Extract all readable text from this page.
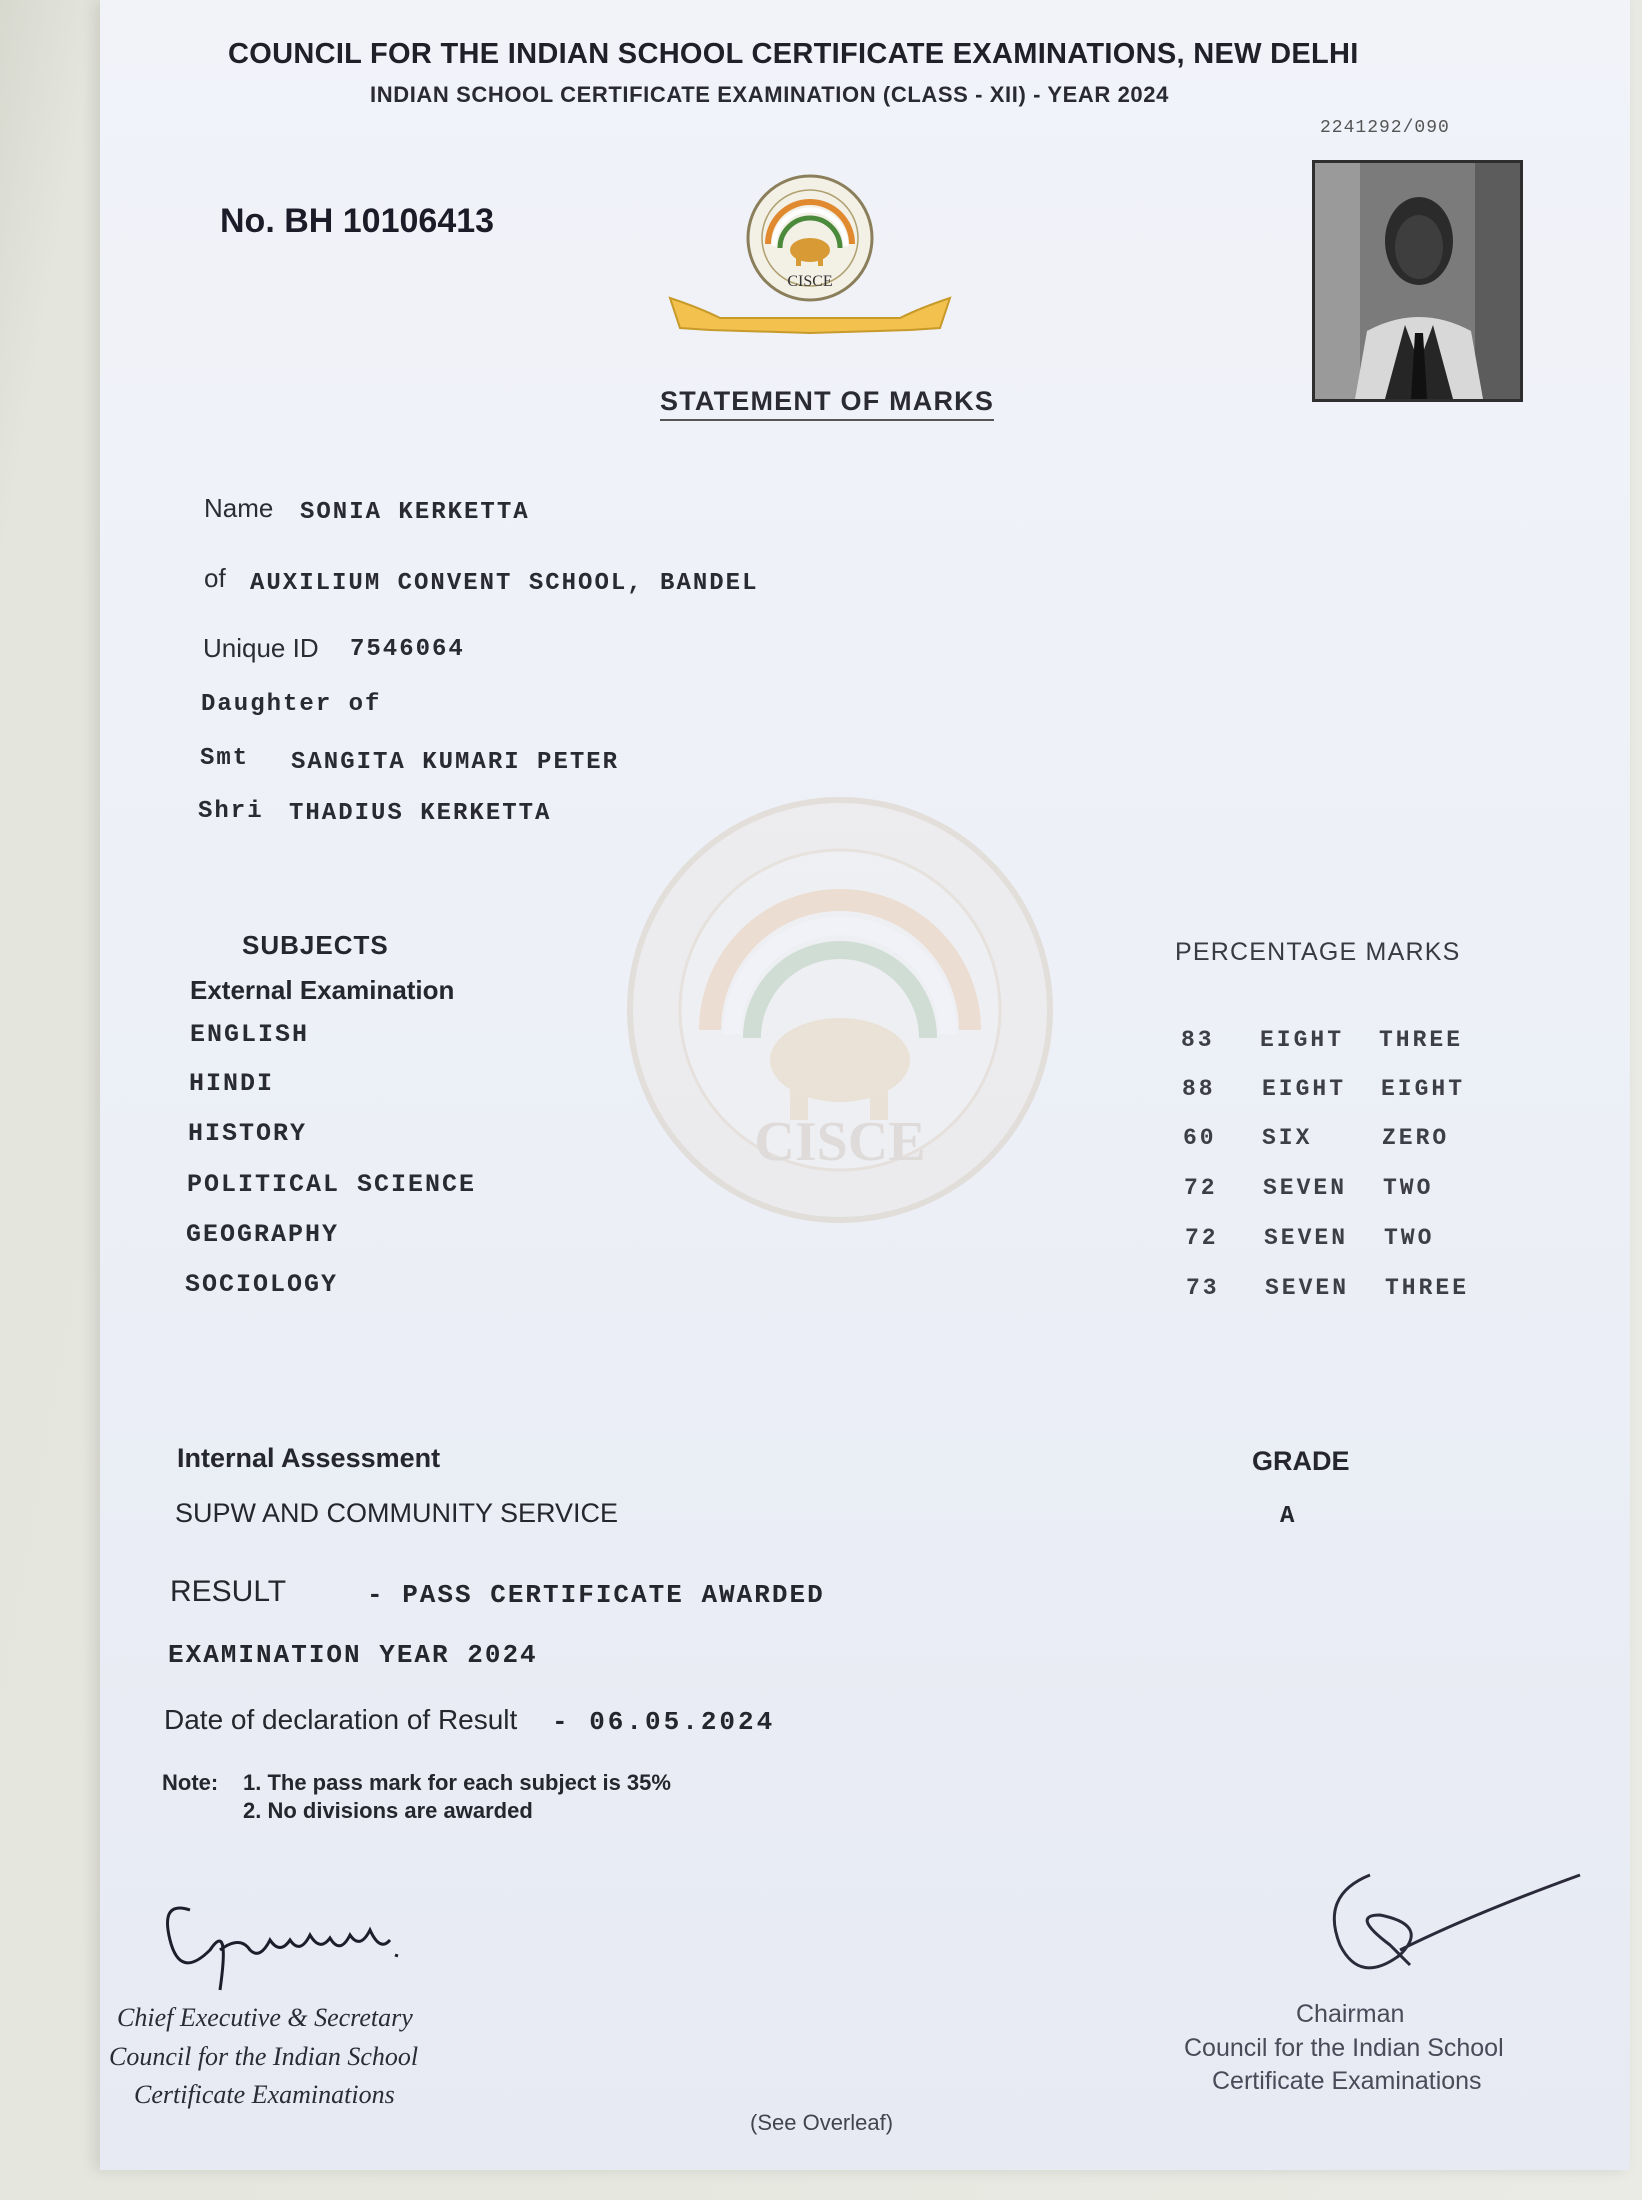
COUNCIL FOR THE INDIAN SCHOOL CERTIFICATE EXAMINATIONS, NEW DELHI
INDIAN SCHOOL CERTIFICATE EXAMINATION (CLASS - XII) - YEAR 2024
2241292/090
No. BH 10106413
CISCE
STATEMENT OF MARKS
CISCE
Name SONIA KERKETTA
of AUXILIUM CONVENT SCHOOL, BANDEL
Unique ID 7546064
Daughter of
Smt SANGITA KUMARI PETER
Shri THADIUS KERKETTA
SUBJECTS
External Examination
PERCENTAGE MARKS
ENGLISH	83 EIGHT THREE
HINDI	88 EIGHT EIGHT
HISTORY	60 SIX	ZERO
POLITICAL SCIENCE	72 SEVEN TWO
GEOGRAPHY	72 SEVEN TWO
SOCIOLOGY	73 SEVEN THREE
Internal Assessment	GRADE
SUPW AND COMMUNITY SERVICE	A
RESULT	- PASS CERTIFICATE AWARDED
EXAMINATION YEAR 2024
Date of declaration of Result - 06.05.2024
Note: 1. The pass mark for each subject is 35%
2. No divisions are awarded
Chief Executive & Secretary
Council for the Indian School
Certificate Examinations
Chairman
Council for the Indian School
Certificate Examinations
(See Overleaf)
